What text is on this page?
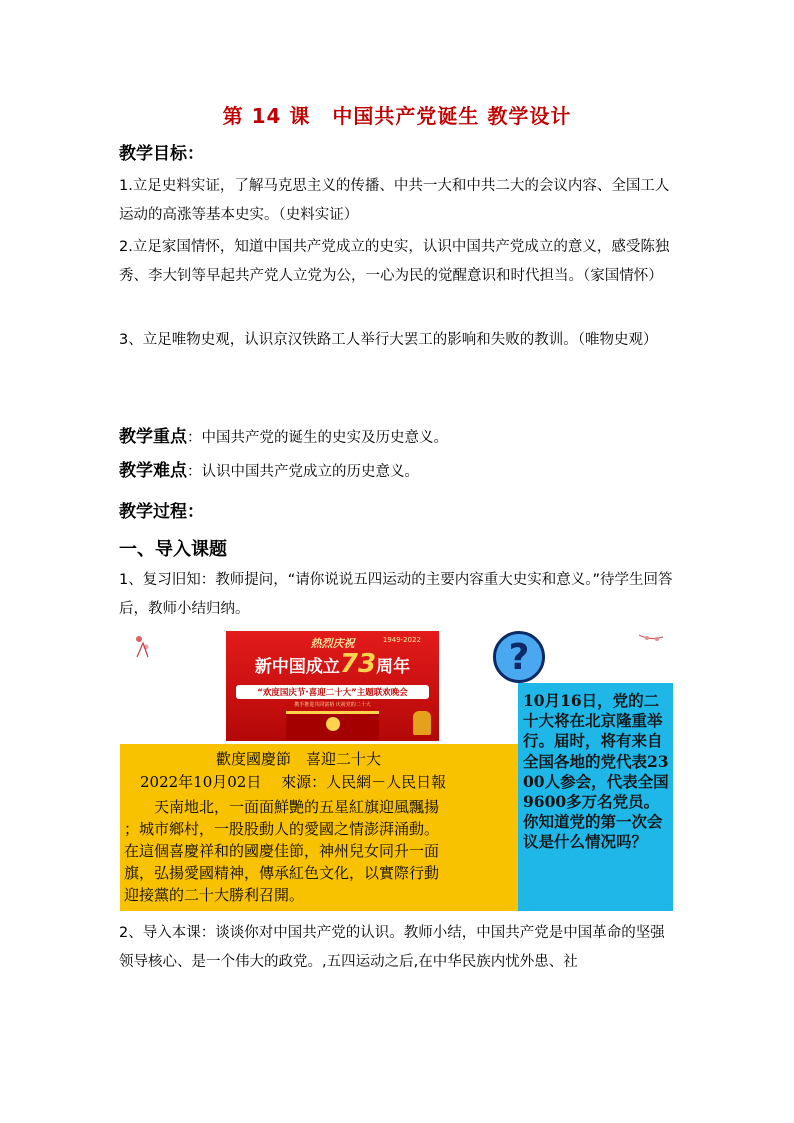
第 14 课 中国共产党诞生 教学设计
教学目标：
1.立足史料实证，了解马克思主义的传播、中共一大和中共二大的会议内容、全国工人运动的高涨等基本史实。（史料实证）
2.立足家国情怀，知道中国共产党成立的史实，认识中国共产党成立的意义，感受陈独秀、李大钊等早起共产党人立党为公，一心为民的觉醒意识和时代担当。（家国情怀）
3、立足唯物史观，认识京汉铁路工人举行大罢工的影响和失败的教训。（唯物史观）
教学重点：中国共产党的诞生的史实及历史意义。
教学难点：认识中国共产党成立的历史意义。
教学过程：
一、导入课题
1、复习旧知：教师提问，“请你说说五四运动的主要内容重大史实和意义。”待学生回答后，教师小结归纳。
热烈庆祝	1949-2022
新中国成立73周年
“欢度国庆节·喜迎二十大”主题联欢晚会
携手推进共同富裕 庆祝党的二十大
?
歡度國慶節　喜迎二十大
2022年10月02日　 來源：人民網－人民日報
天南地北，一面面鮮艷的五星紅旗迎風飄揚
；城市鄉村，一股股動人的愛國之情澎湃涌動。
在這個喜慶祥和的國慶佳節，神州兒女同升一面
旗，弘揚愛國精神，傳承紅色文化，以實際行動
迎接黨的二十大勝利召開。
10月16日，党的二十大将在北京隆重举行。届时，将有来自全国各地的党代表2300人参会，代表全国9600多万名党员。你知道党的第一次会议是什么情况吗？
2、导入本课：谈谈你对中国共产党的认识。教师小结，中国共产党是中国革命的坚强领导核心、是一个伟大的政党。,五四运动之后,在中华民族内忧外患、社
